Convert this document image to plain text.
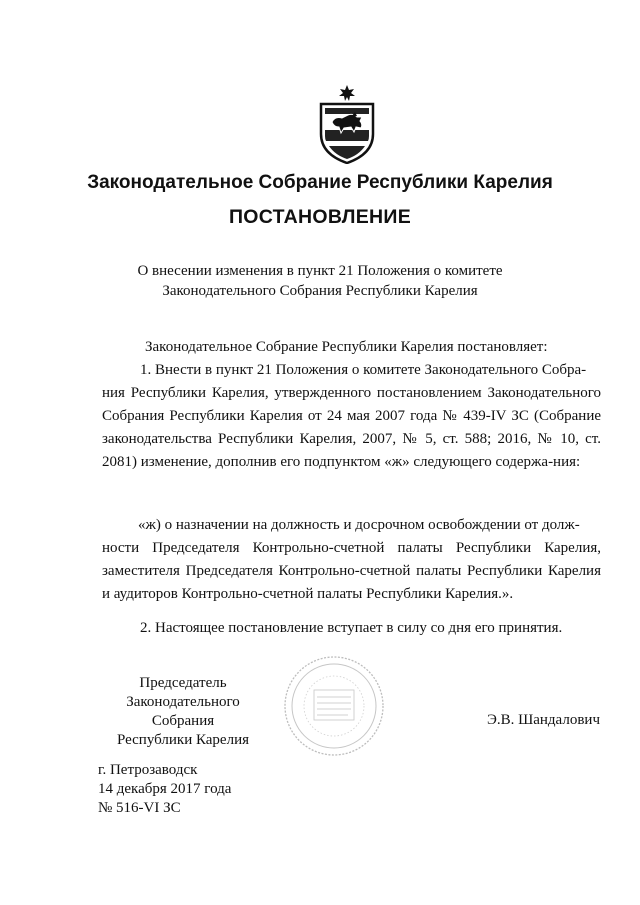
Законодательное Собрание Республики Карелия
ПОСТАНОВЛЕНИЕ
О внесении изменения в пункт 21 Положения о комитете
Законодательного Собрания Республики Карелия
Законодательное Собрание Республики Карелия постановляет:
1. Внести в пункт 21 Положения о комитете Законодательного Собра-
ния Республики Карелия, утвержденного постановлением Законодательного Собрания Республики Карелия от 24 мая 2007 года № 439-IV ЗС (Собрание законодательства Республики Карелия, 2007, № 5, ст. 588; 2016, № 10, ст. 2081) изменение, дополнив его подпунктом «ж» следующего содержа-ния:
«ж) о назначении на должность и досрочном освобождении от долж-
ности Председателя Контрольно-счетной палаты Республики Карелия, заместителя Председателя Контрольно-счетной палаты Республики Карелия и аудиторов Контрольно-счетной палаты Республики Карелия.».
2. Настоящее постановление вступает в силу со дня его принятия.
Председатель
Законодательного Собрания
Республики Карелия
Э.В. Шандалович
г. Петрозаводск
14 декабря 2017 года
№ 516-VI ЗС
